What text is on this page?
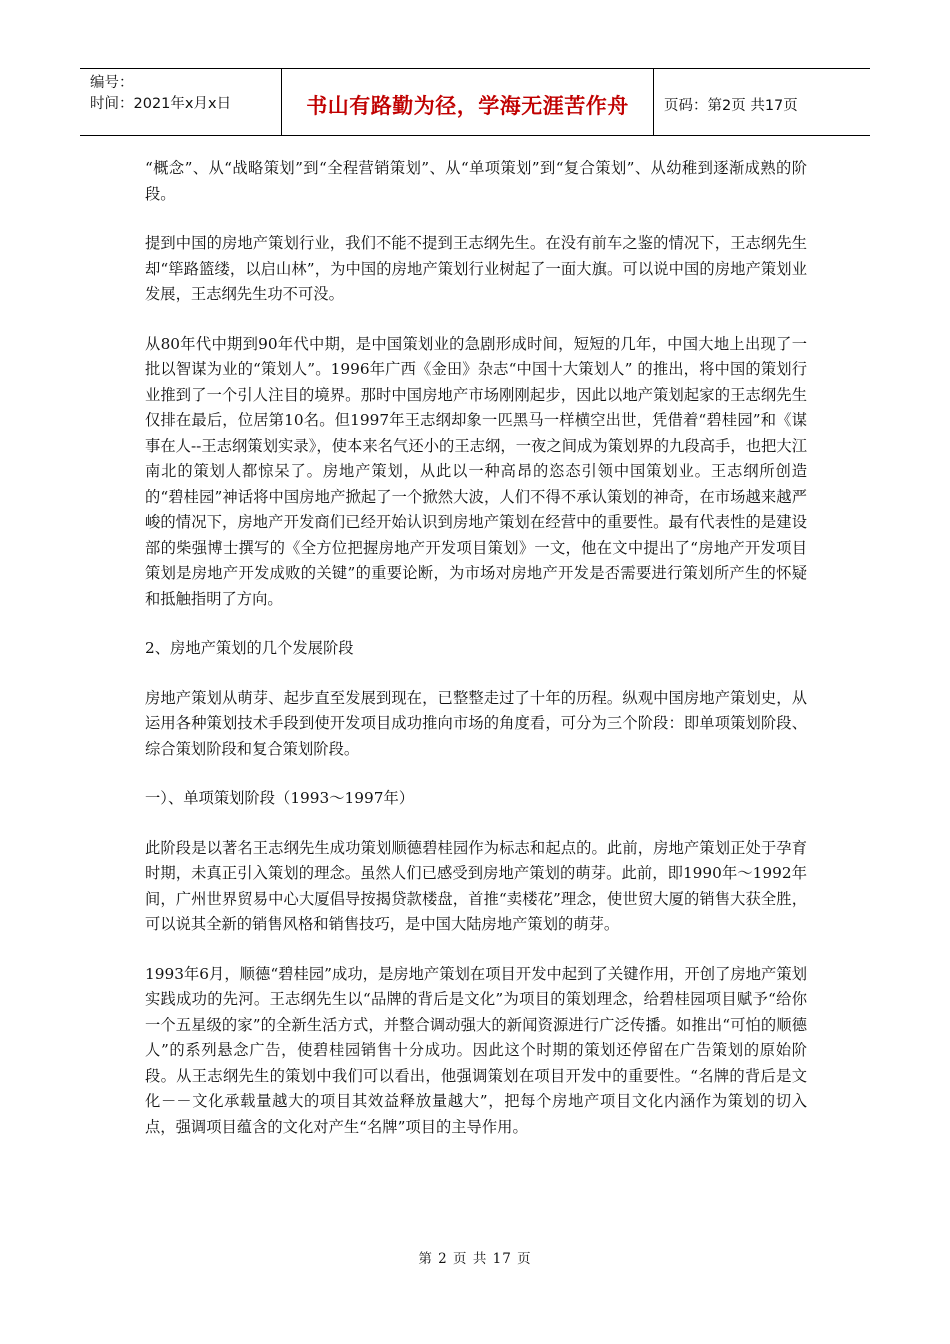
编号：
时间：2021年x月x日	书山有路勤为径，学海无涯苦作舟	页码：第2页 共17页

“概念”、从“战略策划”到“全程营销策划”、从“单项策划”到“复合策划”、从幼稚到逐渐成熟的阶段。

提到中国的房地产策划行业，我们不能不提到王志纲先生。在没有前车之鉴的情况下，王志纲先生却“筚路篮缕，以启山林”，为中国的房地产策划行业树起了一面大旗。可以说中国的房地产策划业发展，王志纲先生功不可没。

从80年代中期到90年代中期，是中国策划业的急剧形成时间，短短的几年，中国大地上出现了一批以智谋为业的“策划人”。1996年广西《金田》杂志“中国十大策划人” 的推出，将中国的策划行业推到了一个引人注目的境界。那时中国房地产市场刚刚起步，因此以地产策划起家的王志纲先生仅排在最后，位居第10名。但1997年王志纲却象一匹黑马一样横空出世，凭借着“碧桂园”和《谋事在人--王志纲策划实录》，使本来名气还小的王志纲，一夜之间成为策划界的九段高手，也把大江南北的策划人都惊呆了。房地产策划，从此以一种高昂的恣态引领中国策划业。王志纲所创造的“碧桂园”神话将中国房地产掀起了一个掀然大波，人们不得不承认策划的神奇，在市场越来越严峻的情况下，房地产开发商们已经开始认识到房地产策划在经营中的重要性。最有代表性的是建设部的柴强博士撰写的《全方位把握房地产开发项目策划》一文，他在文中提出了“房地产开发项目策划是房地产开发成败的关键”的重要论断，为市场对房地产开发是否需要进行策划所产生的怀疑和抵触指明了方向。

2、房地产策划的几个发展阶段

房地产策划从萌芽、起步直至发展到现在，已整整走过了十年的历程。纵观中国房地产策划史，从运用各种策划技术手段到使开发项目成功推向市场的角度看，可分为三个阶段：即单项策划阶段、综合策划阶段和复合策划阶段。

一）、单项策划阶段（1993～1997年）

此阶段是以著名王志纲先生成功策划顺德碧桂园作为标志和起点的。此前，房地产策划正处于孕育时期，未真正引入策划的理念。虽然人们已感受到房地产策划的萌芽。此前，即1990年～1992年间，广州世界贸易中心大厦倡导按揭贷款楼盘，首推“卖楼花”理念，使世贸大厦的销售大获全胜，可以说其全新的销售风格和销售技巧，是中国大陆房地产策划的萌芽。

1993年6月，顺德“碧桂园”成功，是房地产策划在项目开发中起到了关键作用，开创了房地产策划实践成功的先河。王志纲先生以“品牌的背后是文化”为项目的策划理念，给碧桂园项目赋予“给你一个五星级的家”的全新生活方式，并整合调动强大的新闻资源进行广泛传播。如推出“可怕的顺德人”的系列悬念广告，使碧桂园销售十分成功。因此这个时期的策划还停留在广告策划的原始阶段。从王志纲先生的策划中我们可以看出，他强调策划在项目开发中的重要性。“名牌的背后是文化－－文化承载量越大的项目其效益释放量越大”，把每个房地产项目文化内涵作为策划的切入点，强调项目蕴含的文化对产生“名牌”项目的主导作用。

第 2 页 共 17 页
